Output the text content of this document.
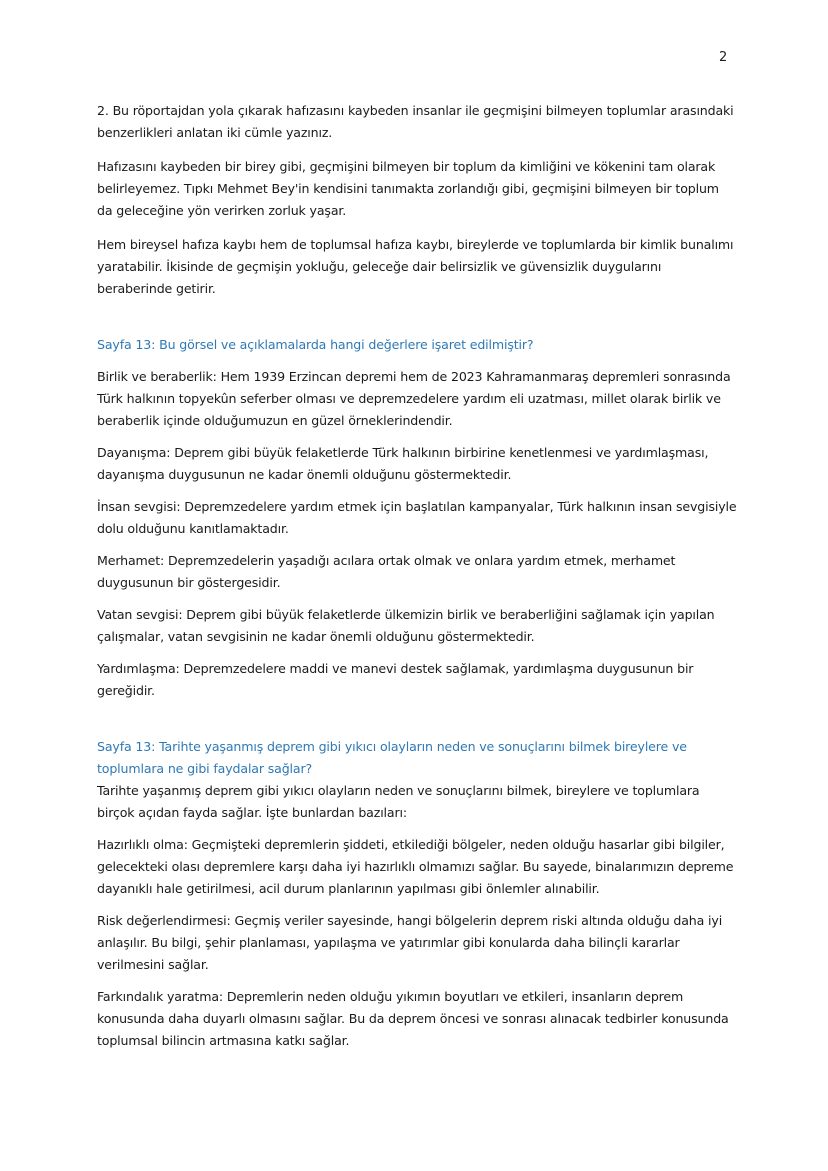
2

2. Bu röportajdan yola çıkarak hafızasını kaybeden insanlar ile geçmişini bilmeyen toplumlar arasındaki benzerlikleri anlatan iki cümle yazınız.

Hafızasını kaybeden bir birey gibi, geçmişini bilmeyen bir toplum da kimliğini ve kökenini tam olarak belirleyemez. Tıpkı Mehmet Bey'in kendisini tanımakta zorlandığı gibi, geçmişini bilmeyen bir toplum da geleceğine yön verirken zorluk yaşar.

Hem bireysel hafıza kaybı hem de toplumsal hafıza kaybı, bireylerde ve toplumlarda bir kimlik bunalımı yaratabilir. İkisinde de geçmişin yokluğu, geleceğe dair belirsizlik ve güvensizlik duygularını beraberinde getirir.

Sayfa 13: Bu görsel ve açıklamalarda hangi değerlere işaret edilmiştir?

Birlik ve beraberlik: Hem 1939 Erzincan depremi hem de 2023 Kahramanmaraş depremleri sonrasında Türk halkının topyekûn seferber olması ve depremzedelere yardım eli uzatması, millet olarak birlik ve beraberlik içinde olduğumuzun en güzel örneklerindendir.

Dayanışma: Deprem gibi büyük felaketlerde Türk halkının birbirine kenetlenmesi ve yardımlaşması, dayanışma duygusunun ne kadar önemli olduğunu göstermektedir.

İnsan sevgisi: Depremzedelere yardım etmek için başlatılan kampanyalar, Türk halkının insan sevgisiyle dolu olduğunu kanıtlamaktadır.

Merhamet: Depremzedelerin yaşadığı acılara ortak olmak ve onlara yardım etmek, merhamet duygusunun bir göstergesidir.

Vatan sevgisi: Deprem gibi büyük felaketlerde ülkemizin birlik ve beraberliğini sağlamak için yapılan çalışmalar, vatan sevgisinin ne kadar önemli olduğunu göstermektedir.

Yardımlaşma: Depremzedelere maddi ve manevi destek sağlamak, yardımlaşma duygusunun bir gereğidir.

Sayfa 13: Tarihte yaşanmış deprem gibi yıkıcı olayların neden ve sonuçlarını bilmek bireylere ve toplumlara ne gibi faydalar sağlar?

Tarihte yaşanmış deprem gibi yıkıcı olayların neden ve sonuçlarını bilmek, bireylere ve toplumlara birçok açıdan fayda sağlar. İşte bunlardan bazıları:

Hazırlıklı olma: Geçmişteki depremlerin şiddeti, etkilediği bölgeler, neden olduğu hasarlar gibi bilgiler, gelecekteki olası depremlere karşı daha iyi hazırlıklı olmamızı sağlar. Bu sayede, binalarımızın depreme dayanıklı hale getirilmesi, acil durum planlarının yapılması gibi önlemler alınabilir.

Risk değerlendirmesi: Geçmiş veriler sayesinde, hangi bölgelerin deprem riski altında olduğu daha iyi anlaşılır. Bu bilgi, şehir planlaması, yapılaşma ve yatırımlar gibi konularda daha bilinçli kararlar verilmesini sağlar.

Farkındalık yaratma: Depremlerin neden olduğu yıkımın boyutları ve etkileri, insanların deprem konusunda daha duyarlı olmasını sağlar. Bu da deprem öncesi ve sonrası alınacak tedbirler konusunda toplumsal bilincin artmasına katkı sağlar.
